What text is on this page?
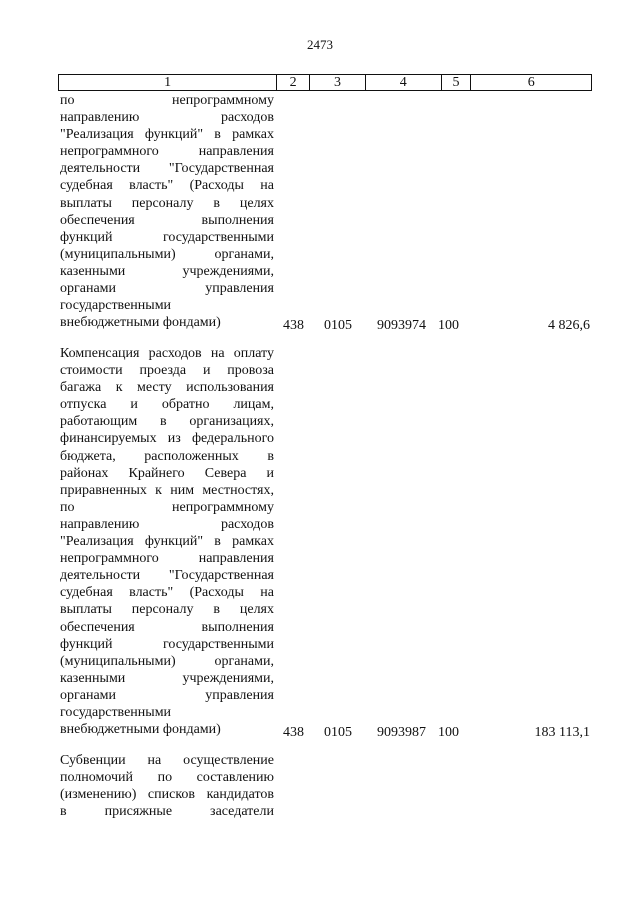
2473
1	2	3	4	5	6
по непрограммному
направлению расходов
"Реализация функций" в рамках
непрограммного направления
деятельности "Государственная
судебная власть" (Расходы на
выплаты персоналу в целях
обеспечения выполнения
функций государственными
(муниципальными) органами,
казенными учреждениями,
органами управления
государственными
внебюджетными фондами)	438 0105 9093974 100	4 826,6
Компенсация расходов на оплату
стоимости проезда и провоза
багажа к месту использования
отпуска и обратно лицам,
работающим в организациях,
финансируемых из федерального
бюджета, расположенных в
районах Крайнего Севера и
приравненных к ним местностях,
по непрограммному
направлению расходов
"Реализация функций" в рамках
непрограммного направления
деятельности "Государственная
судебная власть" (Расходы на
выплаты персоналу в целях
обеспечения выполнения
функций государственными
(муниципальными) органами,
казенными учреждениями,
органами управления
государственными
внебюджетными фондами)	438 0105 9093987 100	183 113,1
Субвенции на осуществление
полномочий по составлению
(изменению) списков кандидатов
в присяжные заседатели
